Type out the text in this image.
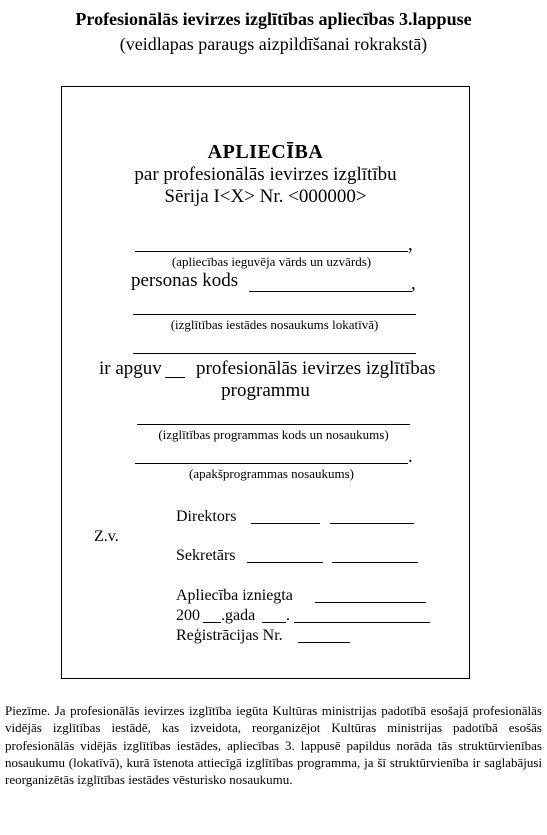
Profesionālās ievirzes izglītības apliecības 3.lappuse
(veidlapas paraugs aizpildīšanai rokrakstā)
APLIECĪBA
par profesionālās ievirzes izglītību
Sērija I<X> Nr. <000000>
,
(apliecības ieguvēja vārds un uzvārds)
personas kods	,
(izglītības iestādes nosaukums lokatīvā)
ir apguv profesionālās ievirzes izglītības
programmu
(izglītības programmas kods un nosaukums)
.
(apakšprogrammas nosaukums)
Z.v.
Direktors
Sekretārs
Apliecība izniegta
200 .gada .
Reģistrācijas Nr.
Piezīme. Ja profesionālās ievirzes izglītība iegūta Kultūras ministrijas padotībā esošajā profesionālās vidējās izglītības iestādē, kas izveidota, reorganizējot Kultūras ministrijas padotībā esošās profesionālās vidējās izglītības iestādes, apliecības 3. lappusē papildus norāda tās struktūrvienības nosaukumu (lokatīvā), kurā īstenota attiecīgā izglītības programma, ja šī struktūrvienība ir saglabājusi reorganizētās izglītības iestādes vēsturisko nosaukumu.
